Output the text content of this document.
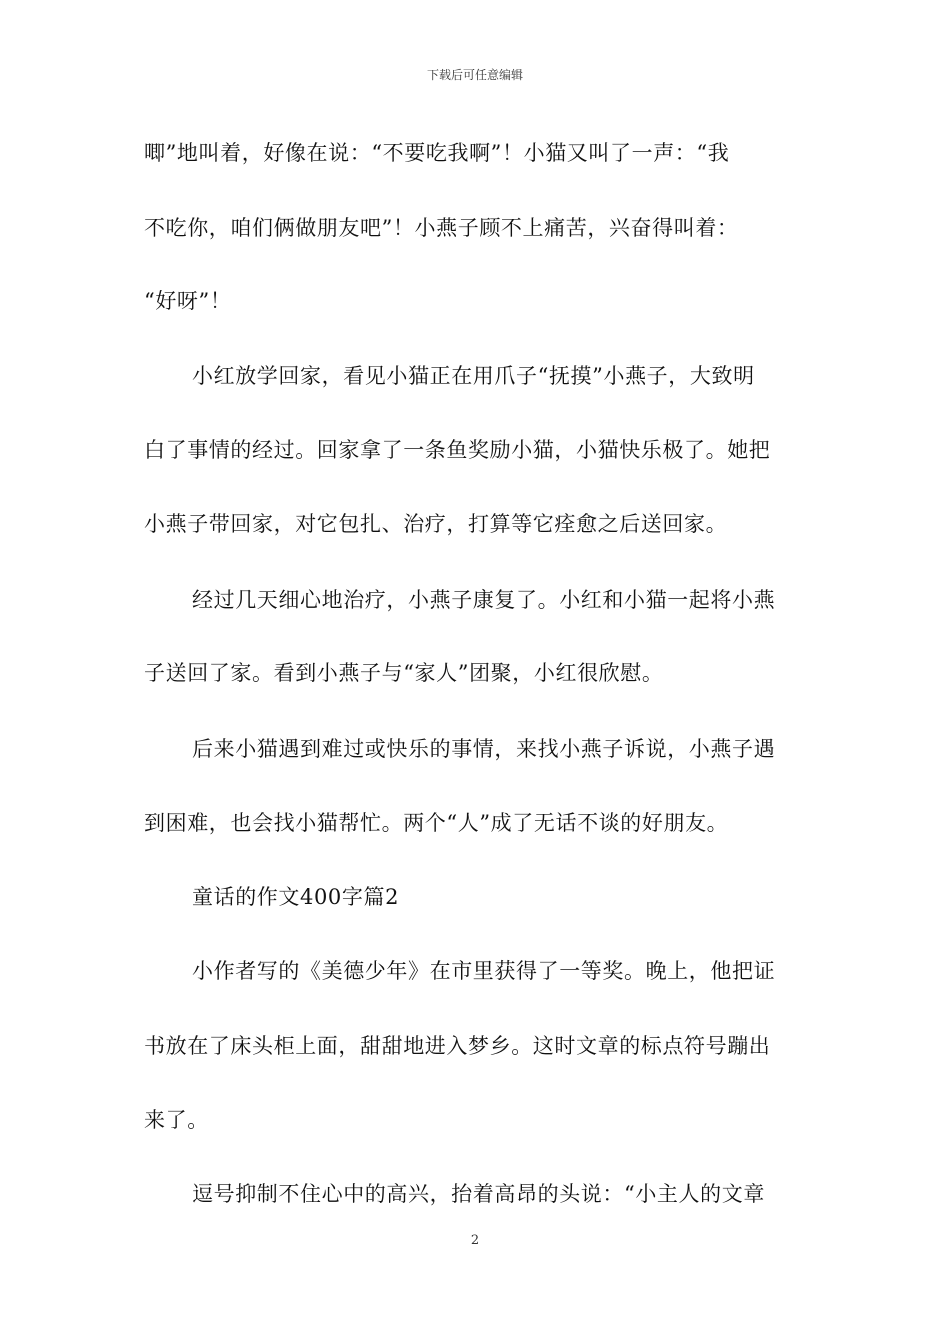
下载后可任意编辑
唧”地叫着，好像在说：“不要吃我啊”！小猫又叫了一声：“我
不吃你，咱们俩做朋友吧”！小燕子顾不上痛苦，兴奋得叫着：
“好呀”！
小红放学回家，看见小猫正在用爪子“抚摸”小燕子，大致明
白了事情的经过。回家拿了一条鱼奖励小猫，小猫快乐极了。她把
小燕子带回家，对它包扎、治疗，打算等它痊愈之后送回家。
经过几天细心地治疗，小燕子康复了。小红和小猫一起将小燕
子送回了家。看到小燕子与“家人”团聚，小红很欣慰。
后来小猫遇到难过或快乐的事情，来找小燕子诉说，小燕子遇
到困难，也会找小猫帮忙。两个“人”成了无话不谈的好朋友。
童话的作文400字篇2
小作者写的《美德少年》在市里获得了一等奖。晚上，他把证
书放在了床头柜上面，甜甜地进入梦乡。这时文章的标点符号蹦出
来了。
逗号抑制不住心中的高兴，抬着高昂的头说：“小主人的文章
2
